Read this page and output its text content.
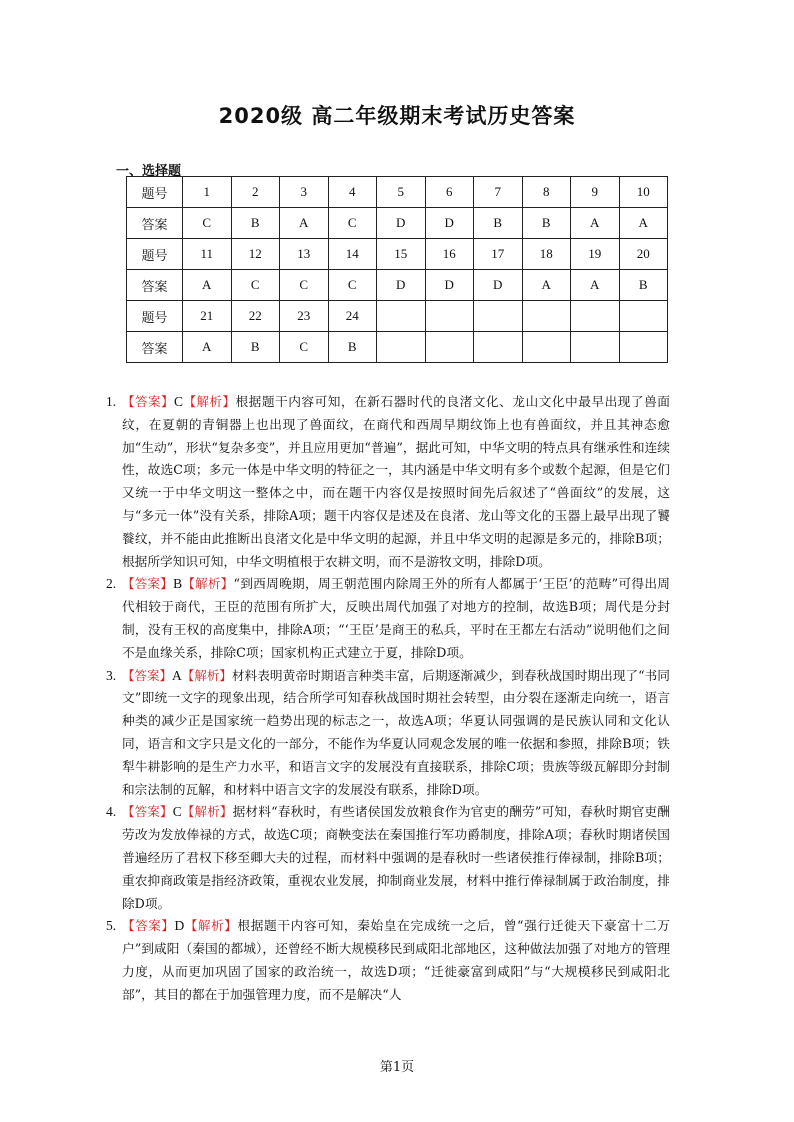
2020级 高二年级期末考试历史答案
一、选择题
题号	1	2	3	4	5	6	7	8	9	10
答案	C	B	A	C	D	D	B	B	A	A
题号	11	12	13	14	15	16	17	18	19	20
答案	A	C	C	C	D	D	D	A	A	B
题号	21	22	23	24						
答案	A	B	C	B						
1. 【答案】C【解析】根据题干内容可知，在新石器时代的良渚文化、龙山文化中最早出现了兽面纹，在夏朝的青铜器上也出现了兽面纹，在商代和西周早期纹饰上也有兽面纹，并且其神态愈加“生动”，形状“复杂多变”，并且应用更加“普遍”，据此可知，中华文明的特点具有继承性和连续性，故选C项；多元一体是中华文明的特征之一，其内涵是中华文明有多个或数个起源，但是它们又统一于中华文明这一整体之中，而在题干内容仅是按照时间先后叙述了“兽面纹”的发展，这与“多元一体”没有关系，排除A项；题干内容仅是述及在良渚、龙山等文化的玉器上最早出现了饕餮纹，并不能由此推断出良渚文化是中华文明的起源，并且中华文明的起源是多元的，排除B项；根据所学知识可知，中华文明植根于农耕文明，而不是游牧文明，排除D项。
2. 【答案】B【解析】“到西周晚期，周王朝范围内除周王外的所有人都属于‘王臣’的范畴”可得出周代相较于商代，王臣的范围有所扩大，反映出周代加强了对地方的控制，故选B项；周代是分封制，没有王权的高度集中，排除A项；“‘王臣’是商王的私兵，平时在王都左右活动”说明他们之间不是血缘关系，排除C项；国家机构正式建立于夏，排除D项。
3. 【答案】A【解析】材料表明黄帝时期语言种类丰富，后期逐渐减少，到春秋战国时期出现了“书同文”即统一文字的现象出现，结合所学可知春秋战国时期社会转型，由分裂在逐渐走向统一，语言种类的减少正是国家统一趋势出现的标志之一，故选A项；华夏认同强调的是民族认同和文化认同，语言和文字只是文化的一部分，不能作为华夏认同观念发展的唯一依据和参照，排除B项；铁犁牛耕影响的是生产力水平，和语言文字的发展没有直接联系，排除C项；贵族等级瓦解即分封制和宗法制的瓦解，和材料中语言文字的发展没有联系，排除D项。
4. 【答案】C【解析】据材料“春秋时，有些诸侯国发放粮食作为官吏的酬劳”可知，春秋时期官吏酬劳改为发放俸禄的方式，故选C项；商鞅变法在秦国推行军功爵制度，排除A项；春秋时期诸侯国普遍经历了君权下移至卿大夫的过程，而材料中强调的是春秋时一些诸侯推行俸禄制，排除B项；重农抑商政策是指经济政策，重视农业发展，抑制商业发展，材料中推行俸禄制属于政治制度，排除D项。
5. 【答案】D【解析】根据题干内容可知，秦始皇在完成统一之后，曾“强行迁徙天下豪富十二万户”到咸阳（秦国的都城），还曾经不断大规模移民到咸阳北部地区，这种做法加强了对地方的管理力度，从而更加巩固了国家的政治统一，故选D项；“迁徙豪富到咸阳”与“大规模移民到咸阳北部”，其目的都在于加强管理力度，而不是解决“人
第1页
